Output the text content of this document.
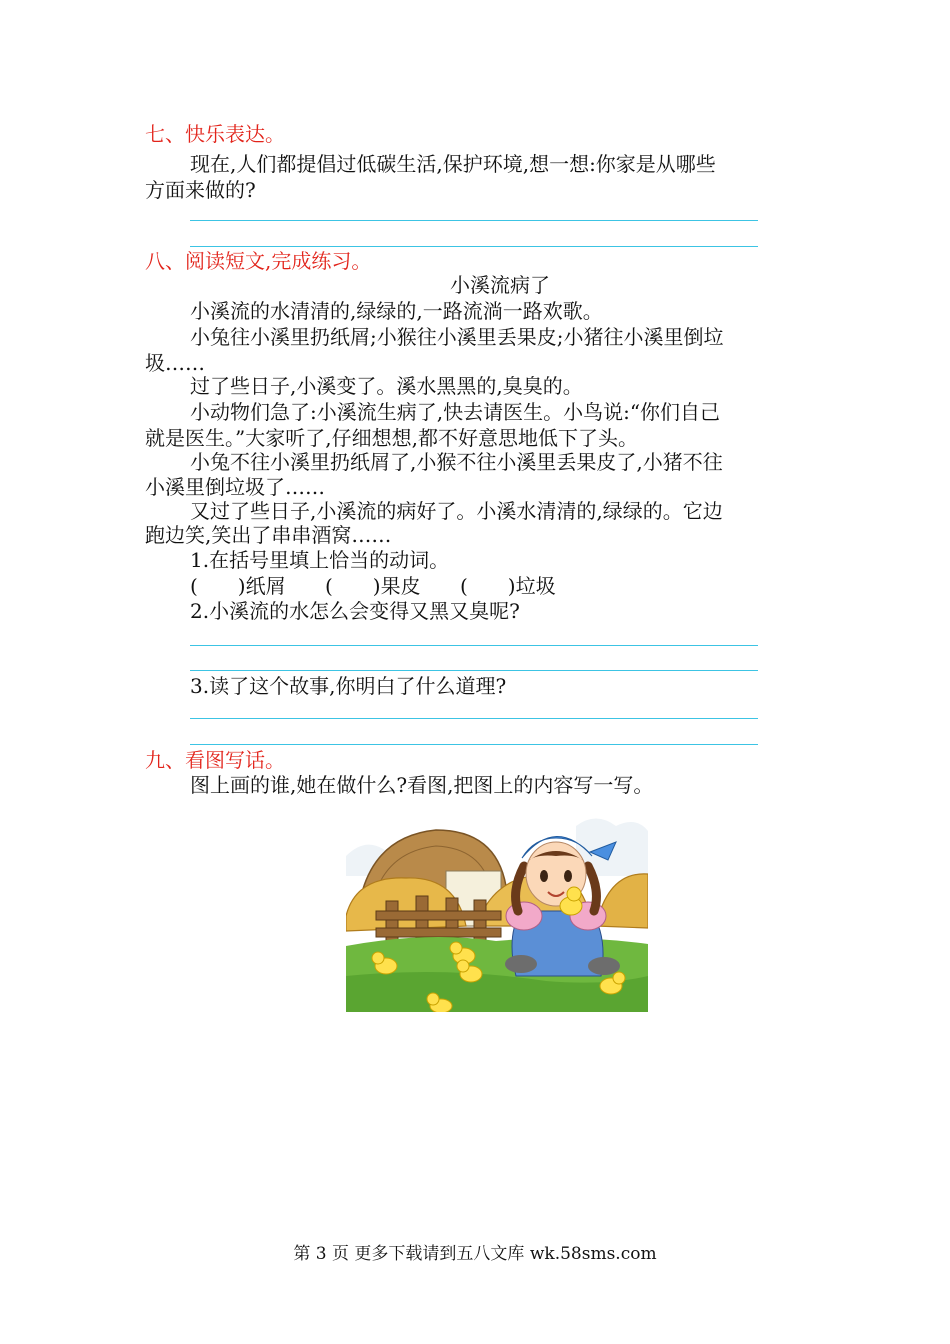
七、快乐表达。
现在,人们都提倡过低碳生活,保护环境,想一想:你家是从哪些
方面来做的?
八、阅读短文,完成练习。
小溪流病了
小溪流的水清清的,绿绿的,一路流淌一路欢歌。
小兔往小溪里扔纸屑;小猴往小溪里丢果皮;小猪往小溪里倒垃
圾……
过了些日子,小溪变了。溪水黑黑的,臭臭的。
小动物们急了:小溪流生病了,快去请医生。小鸟说:“你们自己
就是医生。”大家听了,仔细想想,都不好意思地低下了头。
小兔不往小溪里扔纸屑了,小猴不往小溪里丢果皮了,小猪不往
小溪里倒垃圾了……
又过了些日子,小溪流的病好了。小溪水清清的,绿绿的。它边
跑边笑,笑出了串串酒窝……
1.在括号里填上恰当的动词。
(　　)纸屑 (　　)果皮 (　　)垃圾
2.小溪流的水怎么会变得又黑又臭呢?
3.读了这个故事,你明白了什么道理?
九、看图写话。
图上画的谁,她在做什么?看图,把图上的内容写一写。
第 3 页 更多下载请到五八文库 wk.58sms.com
